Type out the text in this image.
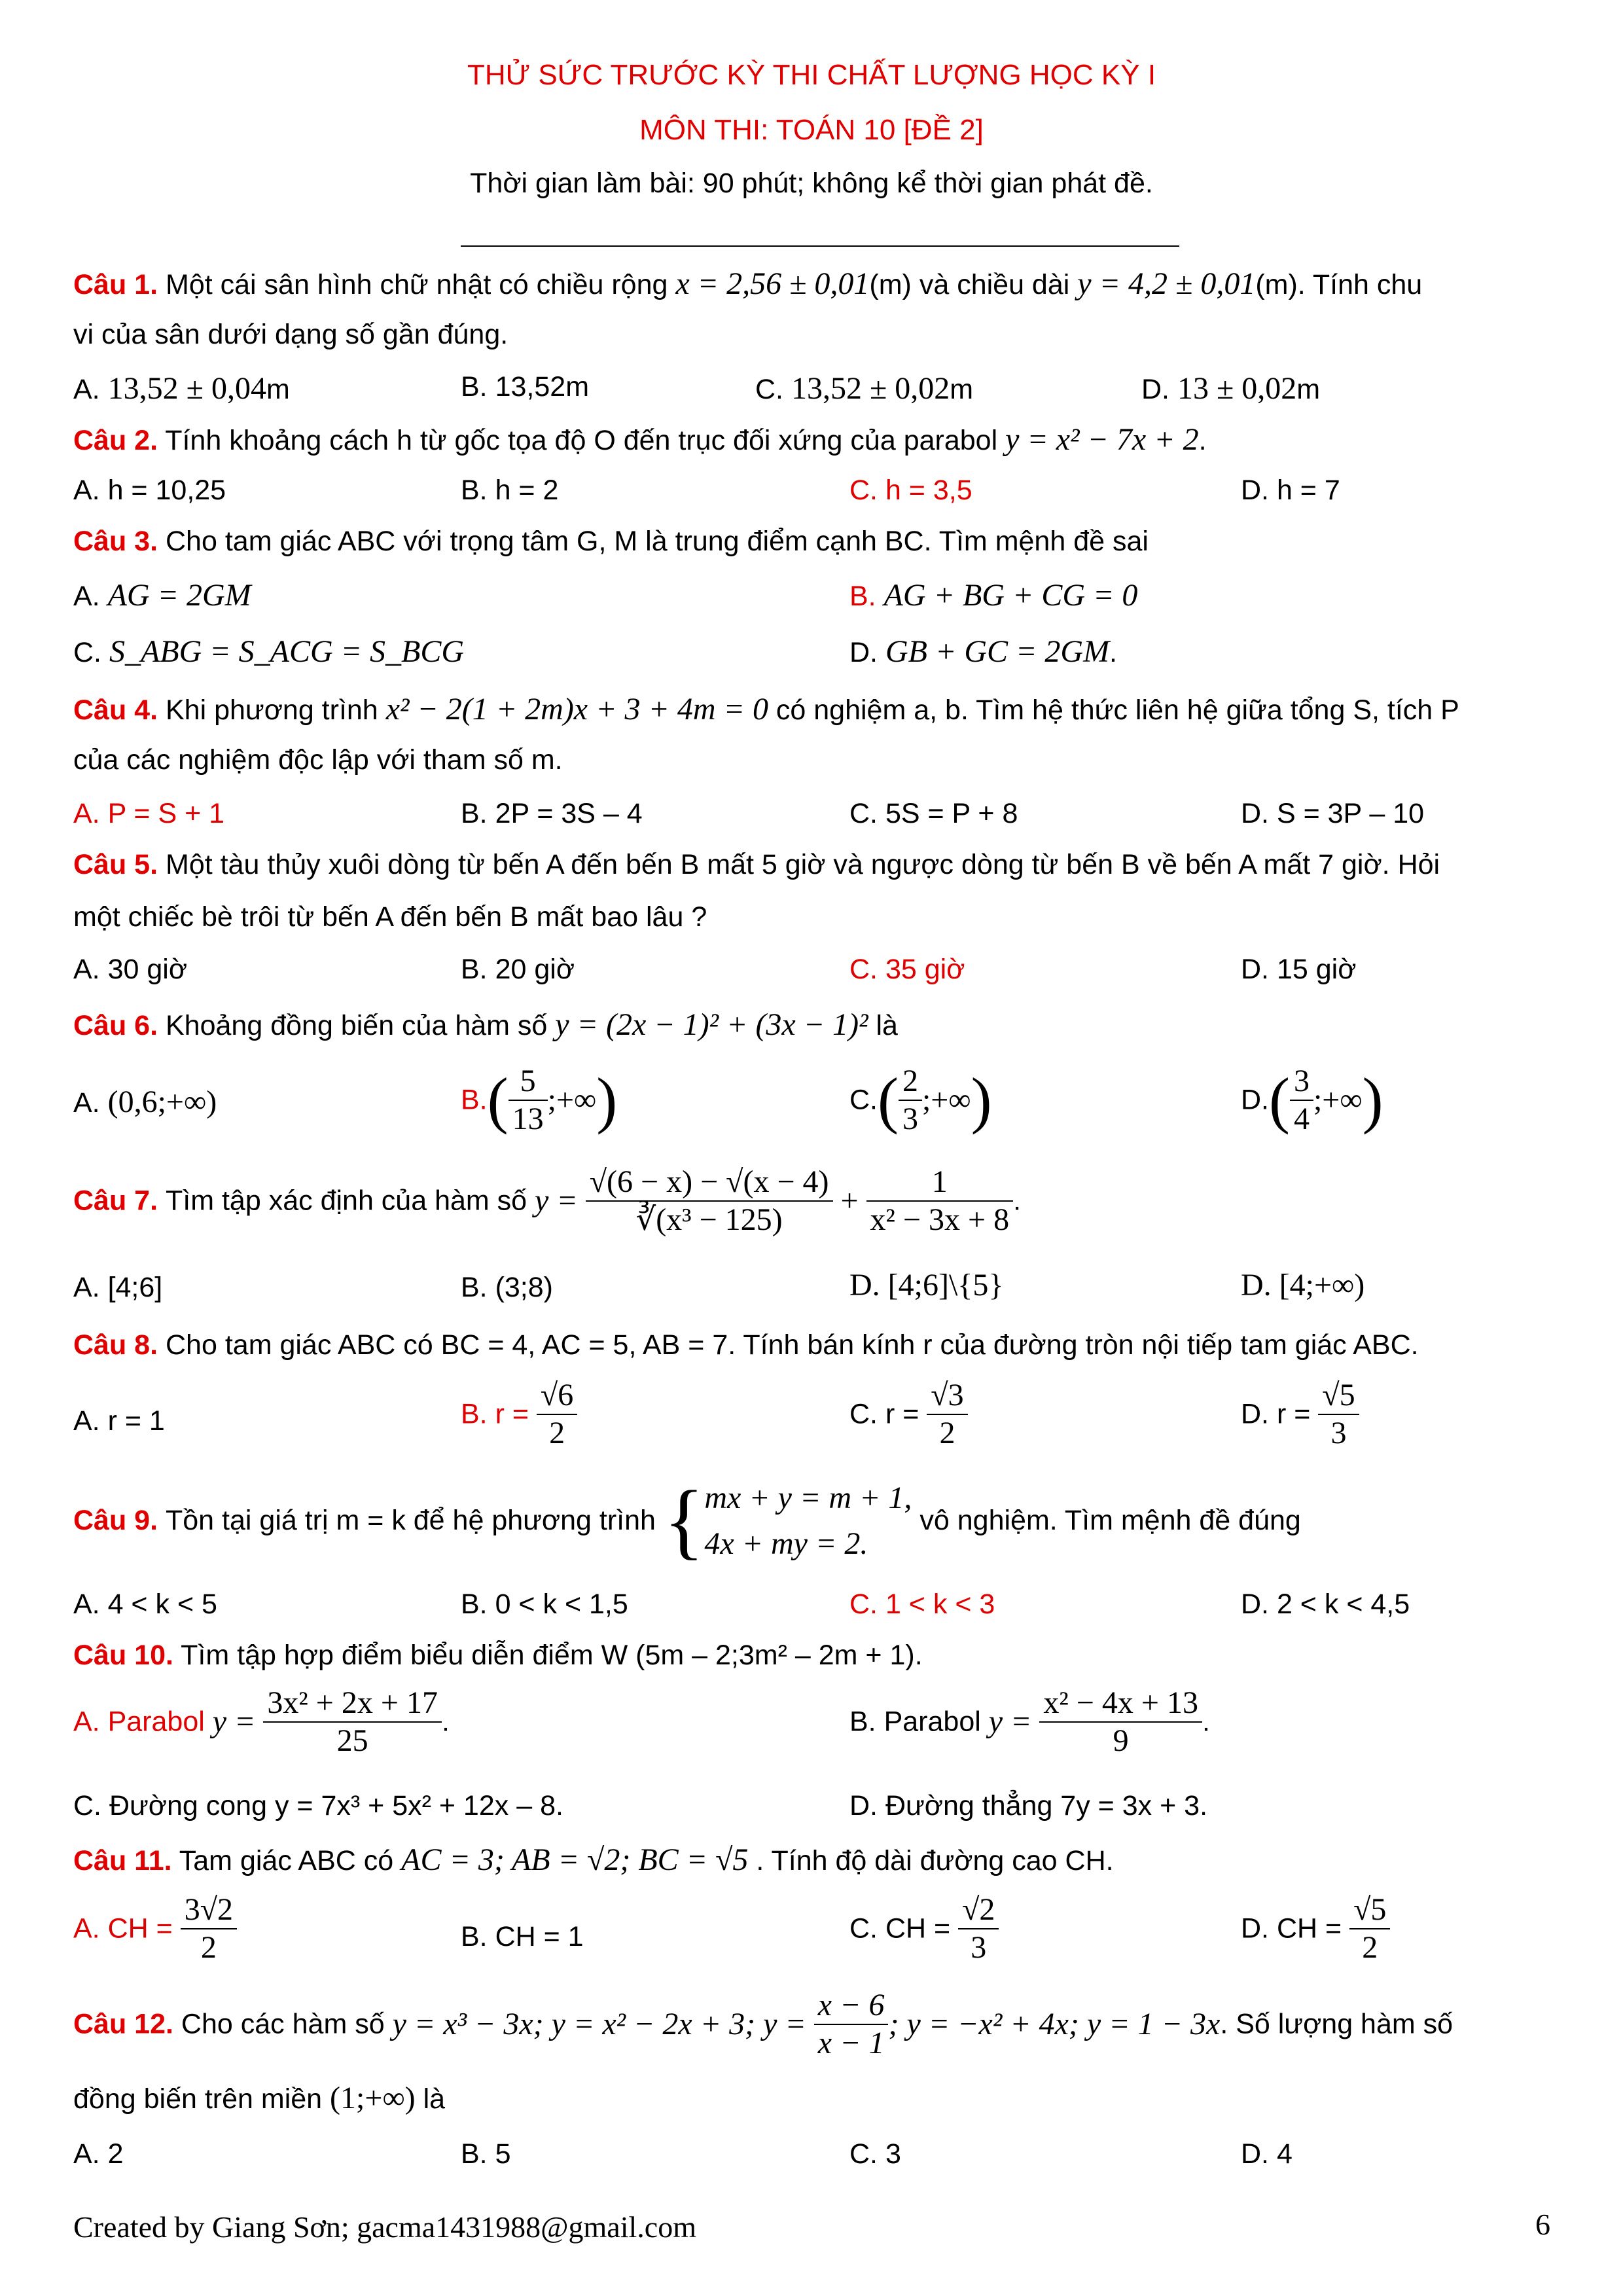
THỬ SỨC TRƯỚC KỲ THI CHẤT LƯỢNG HỌC KỲ I
MÔN THI: TOÁN 10 [ĐỀ 2]
Thời gian làm bài: 90 phút; không kể thời gian phát đề.
Câu 1. Một cái sân hình chữ nhật có chiều rộng x = 2,56 ± 0,01(m) và chiều dài y = 4,2 ± 0,01(m). Tính chu
vi của sân dưới dạng số gần đúng.
A. 13,52 ± 0,04m	B. 13,52m	C. 13,52 ± 0,02m	D. 13 ± 0,02m
Câu 2. Tính khoảng cách h từ gốc tọa độ O đến trục đối xứng của parabol y = x² − 7x + 2.
A. h = 10,25	B. h = 2	C. h = 3,5	D. h = 7
Câu 3. Cho tam giác ABC với trọng tâm G, M là trung điểm cạnh BC. Tìm mệnh đề sai
A. AG = 2GM	B. AG + BG + CG = 0
C. S_ABG = S_ACG = S_BCG	D. GB + GC = 2GM.
Câu 4. Khi phương trình x² − 2(1 + 2m)x + 3 + 4m = 0 có nghiệm a, b. Tìm hệ thức liên hệ giữa tổng S, tích P
của các nghiệm độc lập với tham số m.
A. P = S + 1	B. 2P = 3S – 4	C. 5S = P + 8	D. S = 3P – 10
Câu 5. Một tàu thủy xuôi dòng từ bến A đến bến B mất 5 giờ và ngược dòng từ bến B về bến A mất 7 giờ. Hỏi
một chiếc bè trôi từ bến A đến bến B mất bao lâu ?
A. 30 giờ	B. 20 giờ	C. 35 giờ	D. 15 giờ
Câu 6. Khoảng đồng biến của hàm số y = (2x − 1)² + (3x − 1)² là
A. (0,6;+∞)	$B.( \frac{5}{13}$ ;+∞)	$C.( \frac{2}{3}$ ;+∞)	$D.( \frac{3}{4}$ ;+∞)
Câu 7. Tìm tập xác định của hàm số $y = \frac{√(6 - x) - √(x - 4)}{\text{∛(x³ − 125)}} + \frac{1}{\text{x² − 3x + 8}}$ .
A. [4;6]	B. (3;8)	D. [4;6]\{5}	D. [4;+∞)
Câu 8. Cho tam giác ABC có BC = 4, AC = 5, AB = 7. Tính bán kính r của đường tròn nội tiếp tam giác ABC.
A. r = 1	B. $r = \frac{√6}{2}$	C. $r = \frac{√3}{2}$	D. $r = \frac{√5}{3}$
Câu 9. Tồn tại giá trị m = k để hệ phương trình { mx + y = m + 1,
4x + my = 2.
vô nghiệm. Tìm mệnh đề đúng
A. 4 < k < 5	B. 0 < k < 1,5	C. 1 < k < 3	D. 2 < k < 4,5
Câu 10. Tìm tập hợp điểm biểu diễn điểm W (5m – 2;3m² – 2m + 1).
A. Parabol $y = \frac{\text{3x² + 2x + 17}}{25}$ .	B. Parabol $y = \frac{\text{x² − 4x + 13}}{9}$ .
C. Đường cong y = 7x³ + 5x² + 12x – 8.	D. Đường thẳng 7y = 3x + 3.
Câu 11. Tam giác ABC có AC = 3; AB = √2; BC = √5 . Tính độ dài đường cao CH.
A. CH = $\frac{3√2}{2}$	B. CH = 1	C. CH = $\frac{√2}{3}$	D. CH = $\frac{√5}{2}$
Câu 12. Cho các hàm số y = x³ − 3x; y = x² − 2x + 3; $y = \frac{x - 6}{x - 1}$ ; y = −x² + 4x; y = 1 − 3x. Số lượng hàm số
đồng biến trên miền (1;+∞) là
A. 2	B. 5	C. 3	D. 4
Created by Giang Sơn; gacma1431988@gmail.com	6
